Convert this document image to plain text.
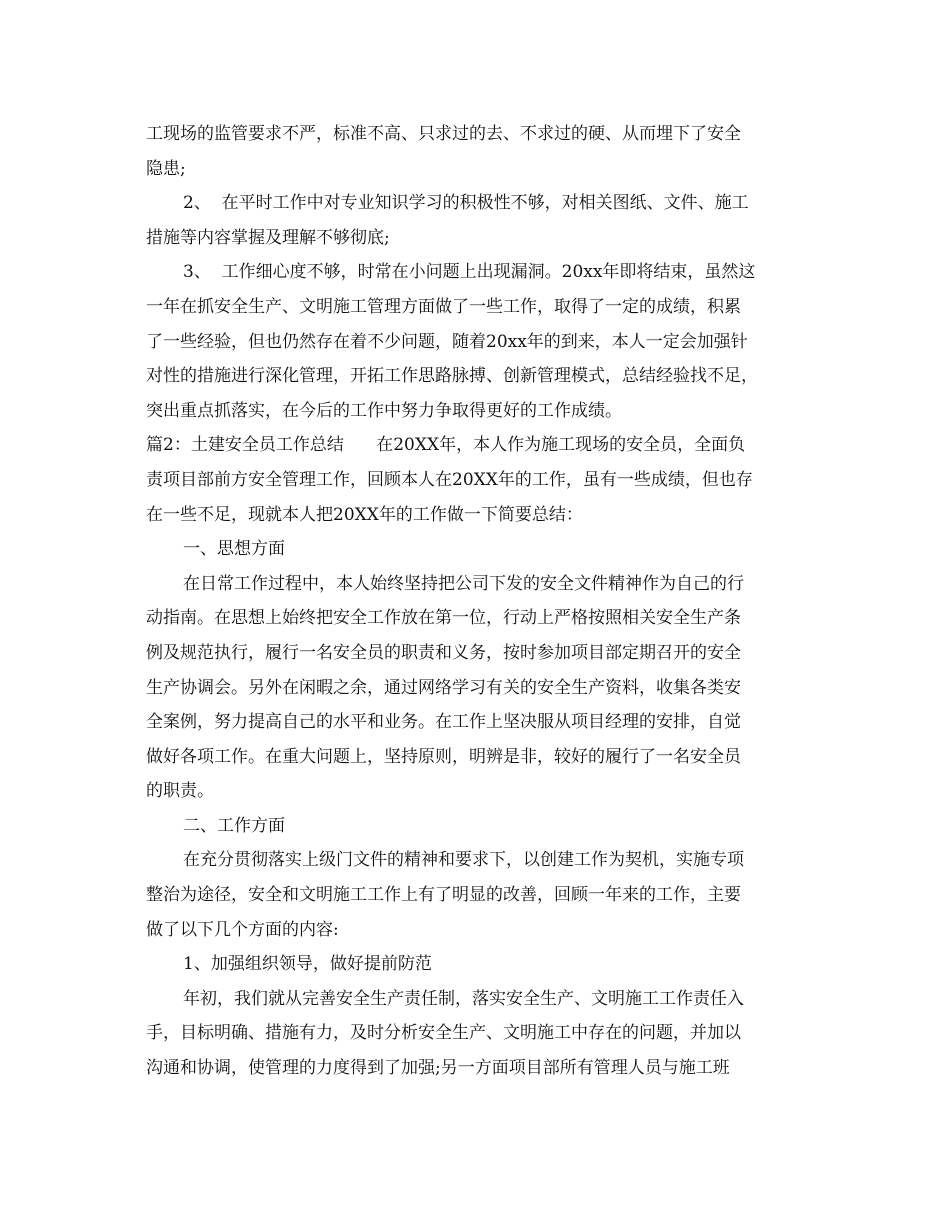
工现场的监管要求不严，标准不高、只求过的去、不求过的硬、从而埋下了安全
隐患;
2、  在平时工作中对专业知识学习的积极性不够，对相关图纸、文件、施工
措施等内容掌握及理解不够彻底;
3、  工作细心度不够，时常在小问题上出现漏洞。20xx年即将结束，虽然这
一年在抓安全生产、文明施工管理方面做了一些工作，取得了一定的成绩，积累
了一些经验，但也仍然存在着不少问题，随着20xx年的到来，本人一定会加强针
对性的措施进行深化管理，开拓工作思路脉搏、创新管理模式，总结经验找不足，
突出重点抓落实，在今后的工作中努力争取得更好的工作成绩。
篇2：土建安全员工作总结      在20XX年，本人作为施工现场的安全员，全面负
责项目部前方安全管理工作，回顾本人在20XX年的工作，虽有一些成绩，但也存
在一些不足，现就本人把20XX年的工作做一下简要总结：
一、思想方面
在日常工作过程中，本人始终坚持把公司下发的安全文件精神作为自己的行
动指南。在思想上始终把安全工作放在第一位，行动上严格按照相关安全生产条
例及规范执行，履行一名安全员的职责和义务，按时参加项目部定期召开的安全
生产协调会。另外在闲暇之余，通过网络学习有关的安全生产资料，收集各类安
全案例，努力提高自己的水平和业务。在工作上坚决服从项目经理的安排，自觉
做好各项工作。在重大问题上，坚持原则，明辨是非，较好的履行了一名安全员
的职责。
二、工作方面
在充分贯彻落实上级门文件的精神和要求下，以创建工作为契机，实施专项
整治为途径，安全和文明施工工作上有了明显的改善，回顾一年来的工作，主要
做了以下几个方面的内容:
1、加强组织领导，做好提前防范
年初，我们就从完善安全生产责任制，落实安全生产、文明施工工作责任入
手，目标明确、措施有力，及时分析安全生产、文明施工中存在的问题，并加以
沟通和协调，使管理的力度得到了加强;另一方面项目部所有管理人员与施工班
